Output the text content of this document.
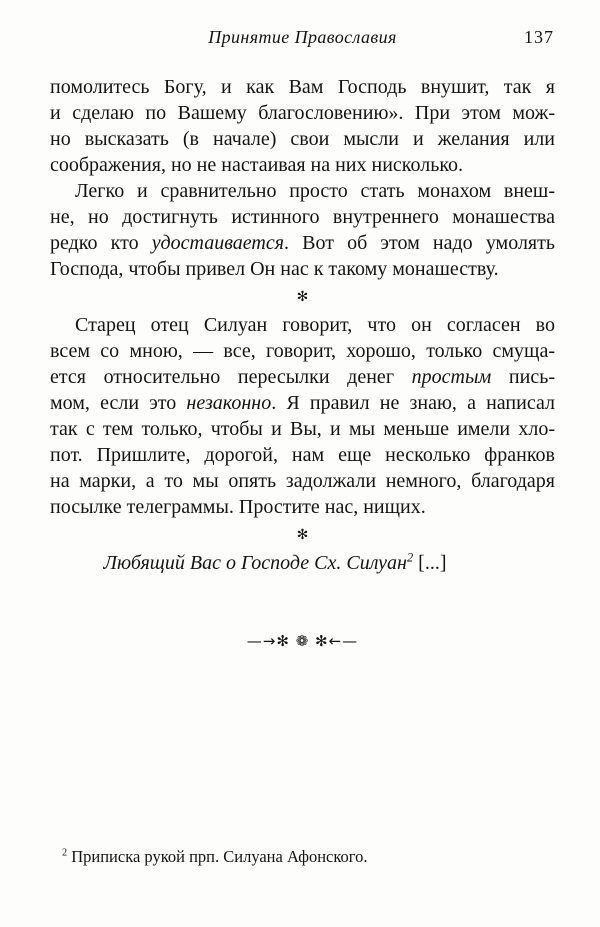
Принятие Православия	137
помолитесь Богу, и как Вам Господь внушит, так я
и сделаю по Вашему благословению». При этом мож-
но высказать (в начале) свои мысли и желания или
соображения, но не настаивая на них нисколько.
Легко и сравнительно просто стать монахом внеш-
не, но достигнуть истинного внутреннего монашества
редко кто удостаивается. Вот об этом надо умолять
Господа, чтобы привел Он нас к такому монашеству.
✻
Старец отец Силуан говорит, что он согласен во
всем со мною, — все, говорит, хорошо, только смуща-
ется относительно пересылки денег простым пись-
мом, если это незаконно. Я правил не знаю, а написал
так с тем только, чтобы и Вы, и мы меньше имели хло-
пот. Пришлите, дорогой, нам еще несколько франков
на марки, а то мы опять задолжали немного, благодаря
посылке телеграммы. Простите нас, нищих.
✻
Любящий Вас о Господе Сх. Силуан$^2$ [...]
—→✻ ❁ ✻←—
$^2$ Приписка рукой прп. Силуана Афонского.
